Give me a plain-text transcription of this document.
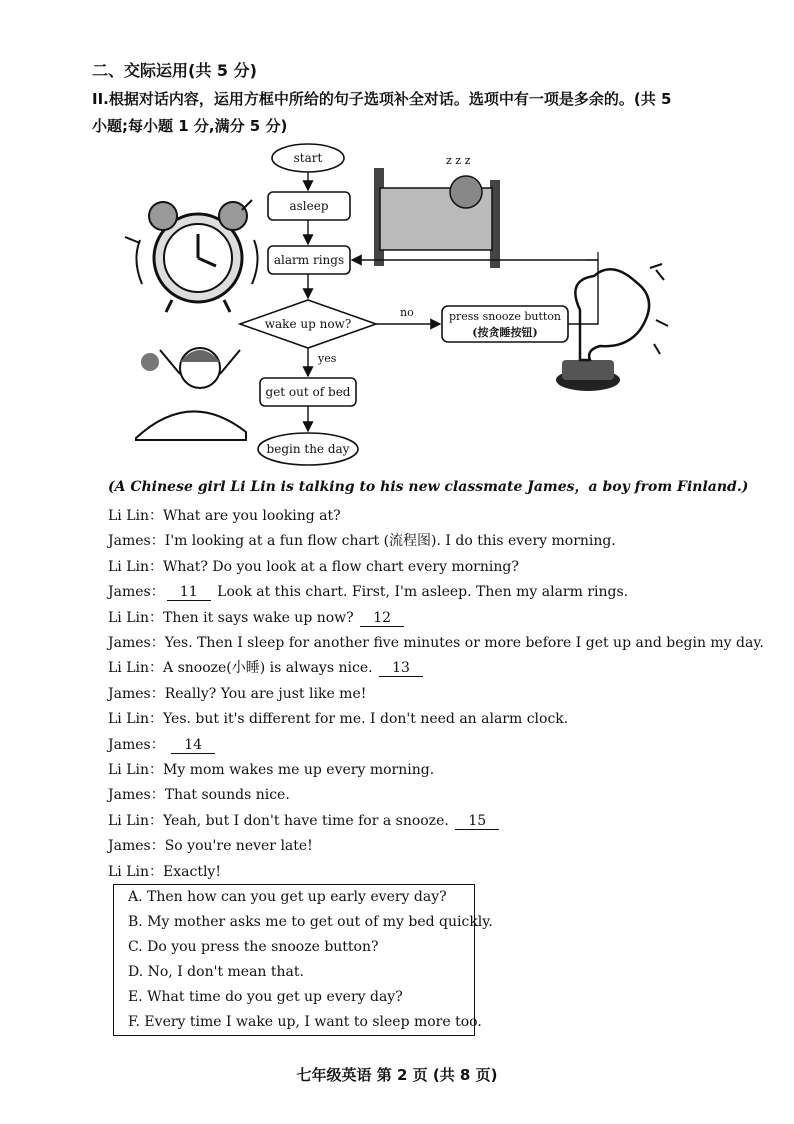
二、交际运用(共 5 分)
II.根据对话内容，运用方框中所给的句子选项补全对话。选项中有一项是多余的。(共 5
小题;每小题 1 分,满分 5 分)
z z z
start
asleep
alarm rings
wake up now?
no
yes
press snooze button
(按贪睡按钮)
get out of bed
begin the day
(A Chinese girl Li Lin is talking to his new classmate James，a boy from Finland.)
Li Lin：What are you looking at?
James：I'm looking at a fun flow chart (流程图). I do this every morning.
Li Lin：What? Do you look at a flow chart every morning?
James： 11 Look at this chart. First, I'm asleep. Then my alarm rings.
Li Lin：Then it says wake up now? 12
James：Yes. Then I sleep for another five minutes or more before I get up and begin my day.
Li Lin：A snooze(小睡) is always nice. 13
James：Really? You are just like me!
Li Lin：Yes. but it's different for me. I don't need an alarm clock.
James： 14
Li Lin：My mom wakes me up every morning.
James：That sounds nice.
Li Lin：Yeah, but I don't have time for a snooze. 15
James：So you're never late!
Li Lin：Exactly!
A. Then how can you get up early every day?
B. My mother asks me to get out of my bed quickly.
C. Do you press the snooze button?
D. No, I don't mean that.
E. What time do you get up every day?
F. Every time I wake up, I want to sleep more too.
七年级英语 第 2 页 (共 8 页)
